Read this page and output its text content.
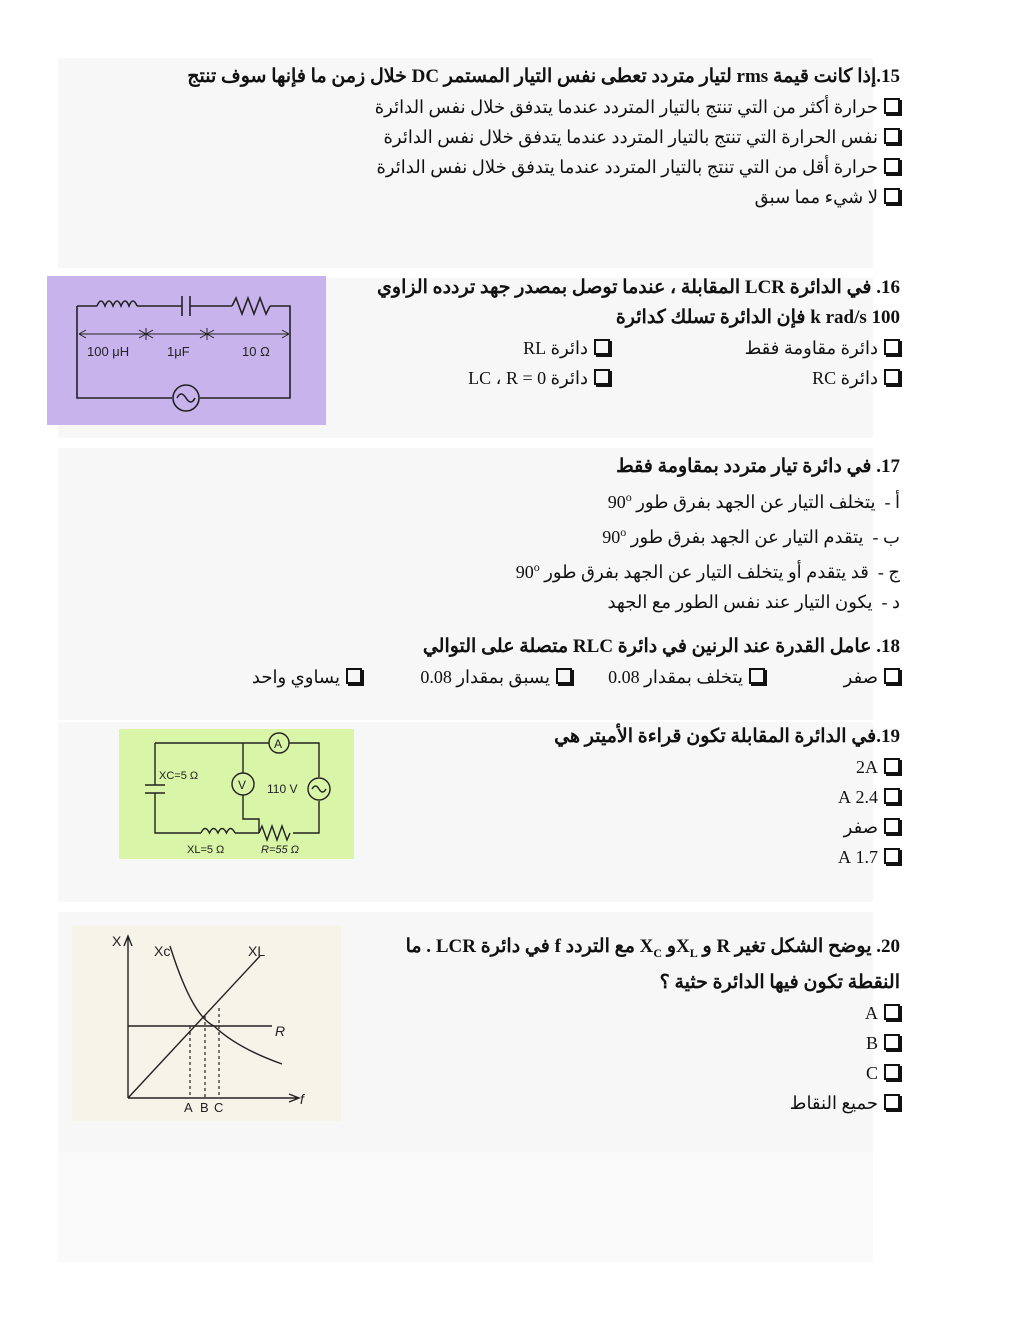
15.إذا كانت قيمة rms لتيار متردد تعطى نفس التيار المستمر DC خلال زمن ما فإنها سوف تنتج
حرارة أكثر من التي تنتج بالتيار المتردد عندما يتدفق خلال نفس الدائرة
نفس الحرارة التي تنتج بالتيار المتردد عندما يتدفق خلال نفس الدائرة
حرارة أقل من التي تنتج بالتيار المتردد عندما يتدفق خلال نفس الدائرة
لا شيء مما سبق
16. في الدائرة LCR المقابلة ، عندما توصل بمصدر جهد تردده الزاوي
100 k rad/s فإن الدائرة تسلك كدائرة
دائرة مقاومة فقط
دائرة RL
دائرة RC
دائرة LC ، R = 0
100 μH	1μF	10 Ω
17. في دائرة تيار متردد بمقاومة فقط
أ -  يتخلف التيار عن الجهد بفرق طور 90$^o$
ب -  يتقدم التيار عن الجهد بفرق طور 90$^o$
ج -  قد يتقدم أو يتخلف التيار عن الجهد بفرق طور 90$^o$
د -  يكون التيار عند نفس الطور مع الجهد
18. عامل القدرة عند الرنين في دائرة RLC متصلة على التوالي
صفر
يتخلف بمقدار 0.08
يسبق بمقدار 0.08
يساوي واحد
19.في الدائرة المقابلة تكون قراءة الأميتر هي
2A
2.4 A
صفر
1.7 A
A
V 110 V
XC=5 Ω
XL=5 Ω	R=55 Ω
20. يوضح الشكل تغير R و $X_Lو$ $X_C$ مع التردد f في دائرة LCR . ما
النقطة تكون فيها الدائرة حثية ؟
A
B
C
حميع النقاط
X
f
Xc	XL
R
A B C
